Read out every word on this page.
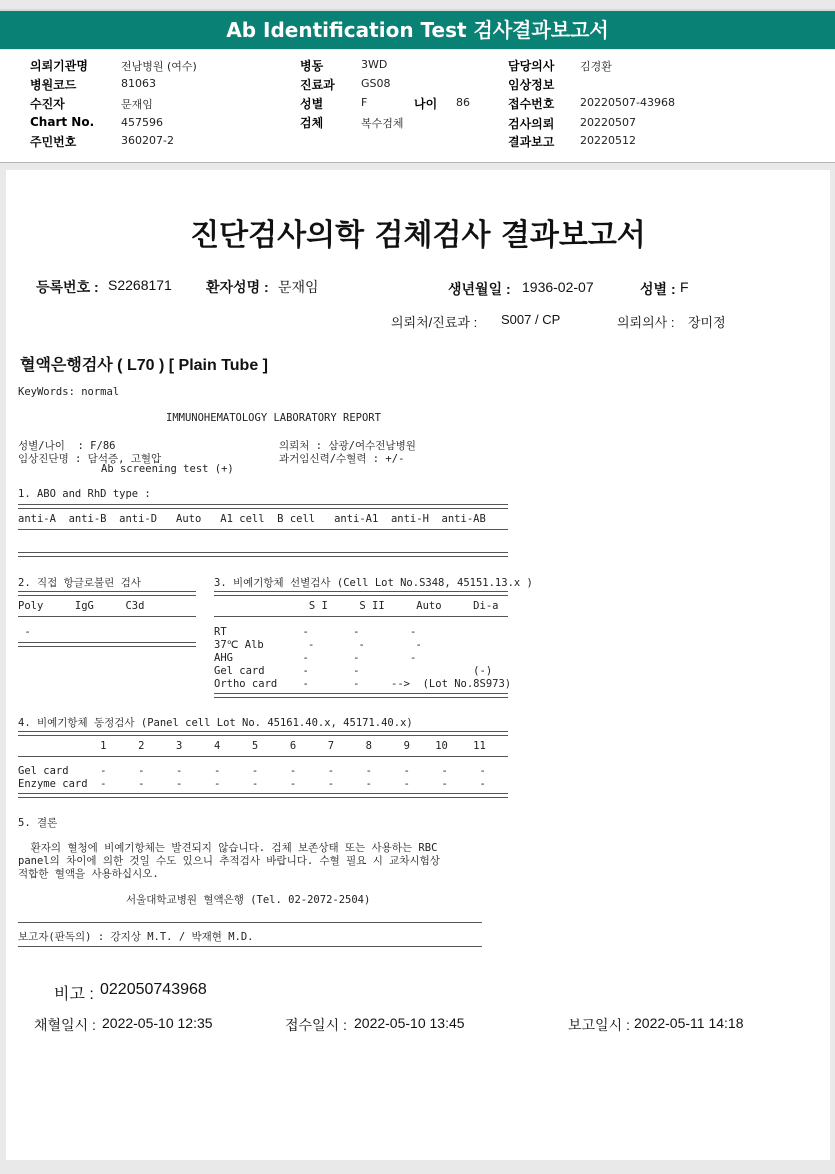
Ab Identification Test 검사결과보고서
의뢰기관명	전남병원 (여수)
병원코드	81063
수진자	문재임
Chart No. 457596
주민번호	360207-2
병동	3WD
진료과 GS08
성별	F	나이 86
검체	복수검체
담당의사 김경환
임상정보
접수번호 20220507-43968
검사의뢰 20220507
결과보고 20220512
진단검사의학 검체검사 결과보고서
등록번호 : S2268171 환자성명 : 문재임	생년월일 : 1936-02-07	성별 : F
의뢰처/진료과 : S007 / CP	의뢰의사 : 장미정
혈액은행검사 ( L70 ) [ Plain Tube ]
KeyWords: normal
IMMUNOHEMATOLOGY LABORATORY REPORT
성별/나이  : F/86
임상진단명 : 담석증, 고혈압
Ab screening test (+)
의뢰처 : 삼광/여수전남병원
과거임신력/수혈력 : +/-
1. ABO and RhD type :
anti-A  anti-B  anti-D   Auto   A1 cell  B cell   anti-A1  anti-H  anti-AB
2. 직접 항글로불린 검사
Poly     IgG     C3d
-
3. 비예기항체 선별검사 (Cell Lot No.S348, 45151.13.x )
S I     S II     Auto     Di-a
RT            -       -        -
37℃ Alb       -       -        -
AHG           -       -        -
Gel card      -       -                  (-)
Ortho card    -       -     -->  (Lot No.8S973)
4. 비예기항체 동정검사 (Panel cell Lot No. 45161.40.x, 45171.40.x)
1     2     3     4     5     6     7     8     9    10    11
Gel card     -     -     -     -     -     -     -     -     -     -     -
Enzyme card  -     -     -     -     -     -     -     -     -     -     -
5. 결론
환자의 혈청에 비예기항체는 발견되지 않습니다. 검체 보존상태 또는 사용하는 RBC
panel의 차이에 의한 것일 수도 있으니 추적검사 바랍니다. 수혈 필요 시 교차시험상
적합한 혈액을 사용하십시오.
서울대학교병원 혈액은행 (Tel. 02-2072-2504)
보고자(판독의) : 강지상 M.T. / 박재현 M.D.
비고 : 022050743968
채혈일시 : 2022-05-10 12:35	접수일시 : 2022-05-10 13:45	보고일시 : 2022-05-11 14:18
